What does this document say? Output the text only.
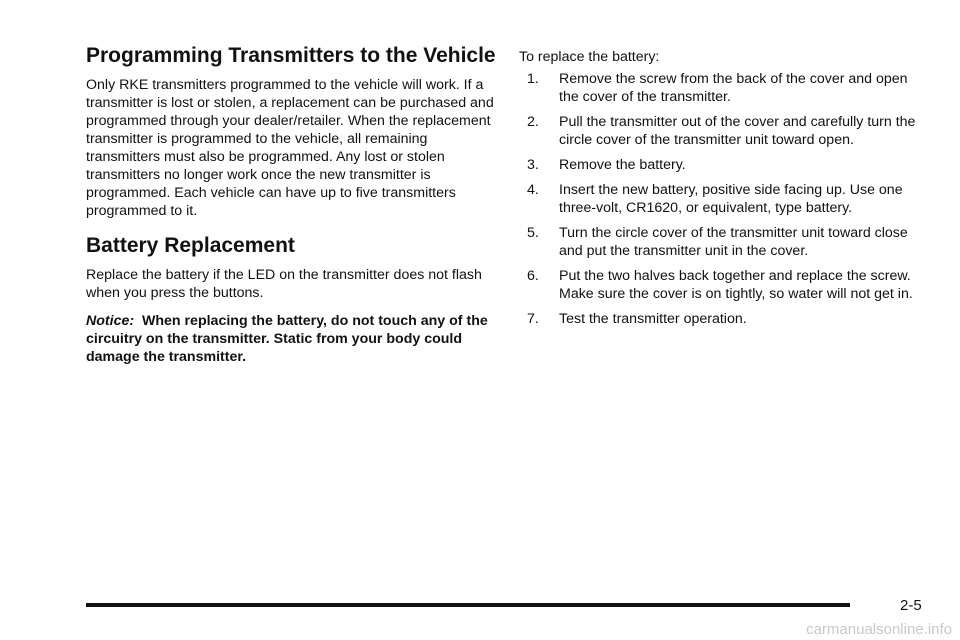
Programming Transmitters to the Vehicle

Only RKE transmitters programmed to the vehicle will work. If a transmitter is lost or stolen, a replacement can be purchased and programmed through your dealer/retailer. When the replacement transmitter is programmed to the vehicle, all remaining transmitters must also be programmed. Any lost or stolen transmitters no longer work once the new transmitter is programmed. Each vehicle can have up to five transmitters programmed to it.

Battery Replacement

Replace the battery if the LED on the transmitter does not flash when you press the buttons.

Notice: When replacing the battery, do not touch any of the circuitry on the transmitter. Static from your body could damage the transmitter.

To replace the battery:

1. Remove the screw from the back of the cover and open the cover of the transmitter.
2. Pull the transmitter out of the cover and carefully turn the circle cover of the transmitter unit toward open.
3. Remove the battery.
4. Insert the new battery, positive side facing up. Use one three-volt, CR1620, or equivalent, type battery.
5. Turn the circle cover of the transmitter unit toward close and put the transmitter unit in the cover.
6. Put the two halves back together and replace the screw. Make sure the cover is on tightly, so water will not get in.
7. Test the transmitter operation.
2-5
carmanualsonline.info
